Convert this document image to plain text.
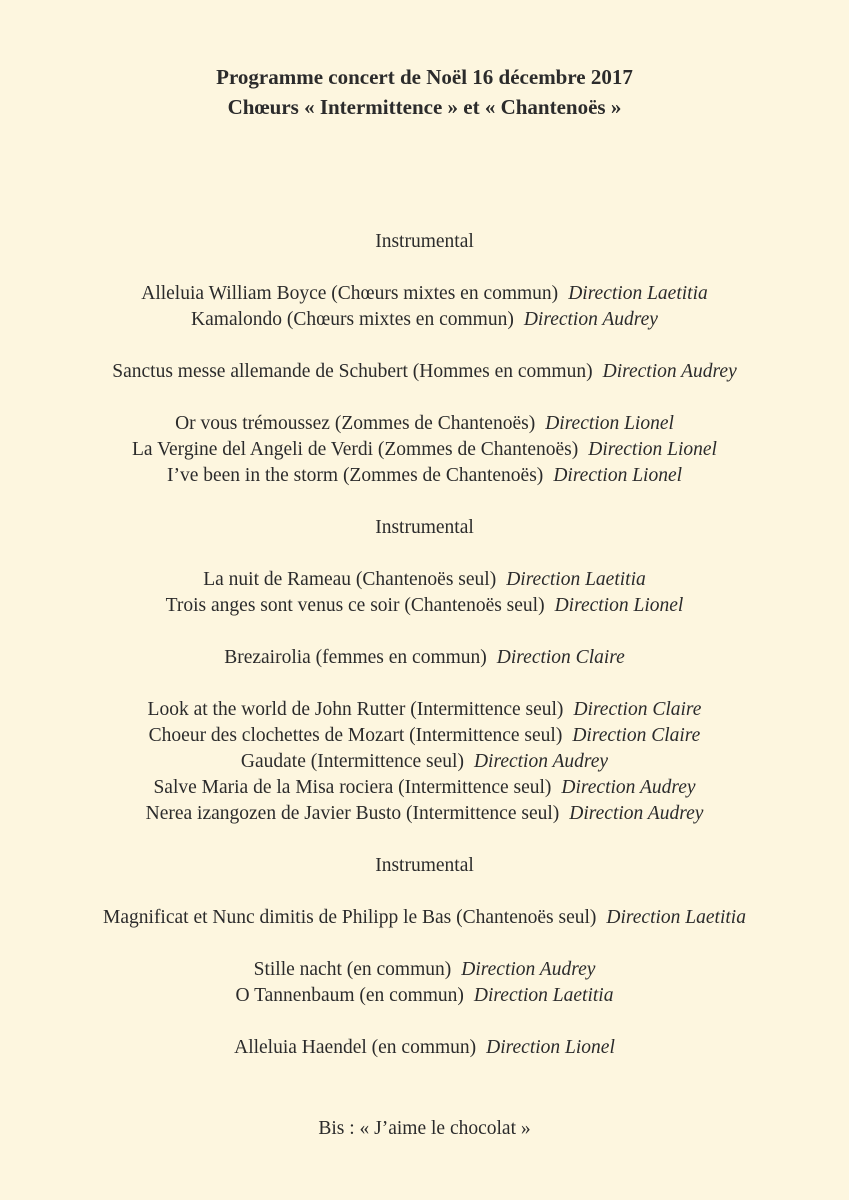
Programme concert de Noël 16 décembre 2017
Chœurs « Intermittence » et « Chantenoës »
Instrumental
Alleluia William Boyce (Chœurs mixtes en commun) Direction Laetitia
Kamalondo (Chœurs mixtes en commun) Direction Audrey
Sanctus messe allemande de Schubert (Hommes en commun) Direction Audrey
Or vous trémoussez (Zommes de Chantenoës) Direction Lionel
La Vergine del Angeli de Verdi (Zommes de Chantenoës) Direction Lionel
I’ve been in the storm (Zommes de Chantenoës) Direction Lionel
Instrumental
La nuit de Rameau (Chantenoës seul) Direction Laetitia
Trois anges sont venus ce soir (Chantenoës seul) Direction Lionel
Brezairolia (femmes en commun) Direction Claire
Look at the world de John Rutter (Intermittence seul) Direction Claire
Choeur des clochettes de Mozart (Intermittence seul) Direction Claire
Gaudate (Intermittence seul) Direction Audrey
Salve Maria de la Misa rociera (Intermittence seul) Direction Audrey
Nerea izangozen de Javier Busto (Intermittence seul) Direction Audrey
Instrumental
Magnificat et Nunc dimitis de Philipp le Bas (Chantenoës seul) Direction Laetitia
Stille nacht (en commun) Direction Audrey
O Tannenbaum (en commun) Direction Laetitia
Alleluia Haendel (en commun) Direction Lionel
Bis : « J’aime le chocolat »
